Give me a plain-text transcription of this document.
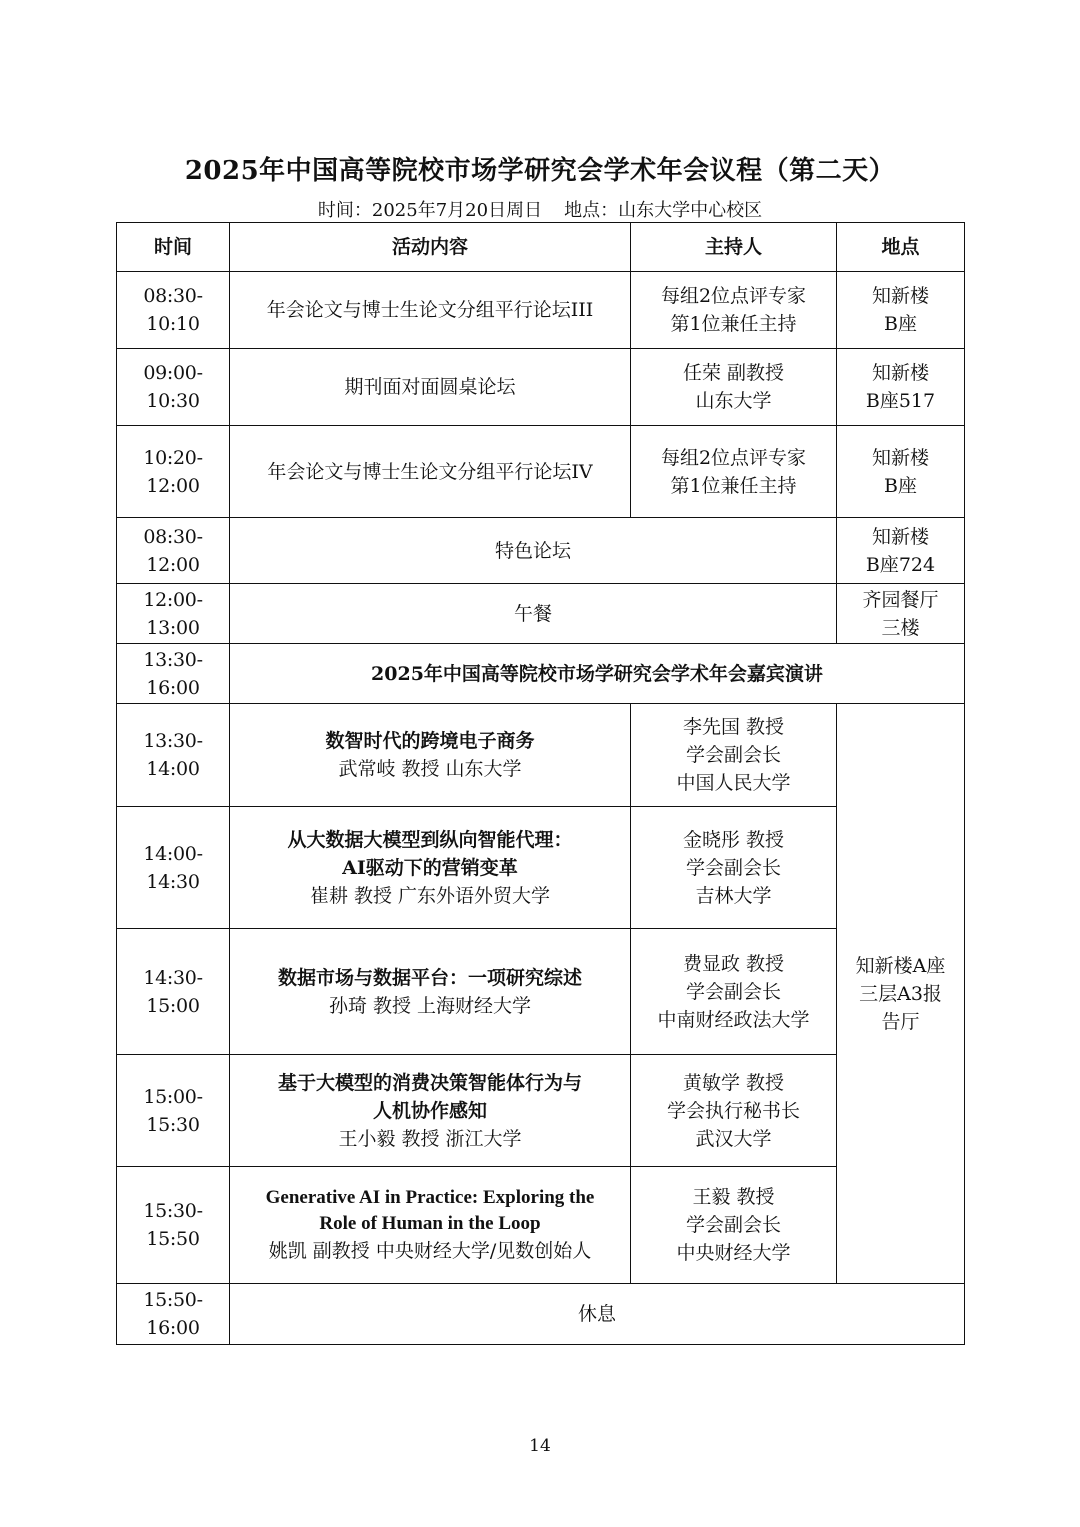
2025年中国高等院校市场学研究会学术年会议程（第二天）
时间：2025年7月20日周日 地点：山东大学中心校区
时间	活动内容	主持人	地点
08:30-10:10	年会论文与博士生论文分组平行论坛III	每组2位点评专家
第1位兼任主持	知新楼
B座

09:00-10:30	期刊面对面圆桌论坛	任荣 副教授
山东大学	知新楼
B座517

10:20-12:00	年会论文与博士生论文分组平行论坛IV	每组2位点评专家
第1位兼任主持	知新楼
B座

08:30-12:00	特色论坛		知新楼
B座724

12:00-13:00	午餐		齐园餐厅
三楼

13:30-16:00	2025年中国高等院校市场学研究会学术年会嘉宾演讲		
13:30-14:00	数智时代的跨境电子商务
武常岐 教授 山东大学	李先国 教授
学会副会长
中国人民大学	知新楼A座
三层A3报
告厅

14:00-14:30	从大数据大模型到纵向智能代理：
AI驱动下的营销变革
崔耕 教授 广东外语外贸大学	金晓彤 教授
学会副会长
吉林大学	

14:30-15:00	数据市场与数据平台：一项研究综述
孙琦 教授 上海财经大学	费显政 教授
学会副会长
中南财经政法大学	

15:00-15:30	基于大模型的消费决策智能体行为与
人机协作感知
王小毅 教授 浙江大学	黄敏学 教授
学会执行秘书长
武汉大学	

15:30-15:50	Generative AI in Practice: Exploring the
Role of Human in the Loop
姚凯 副教授 中央财经大学/见数创始人	王毅 教授
学会副会长
中央财经大学	

15:50-16:00	休息		
14
